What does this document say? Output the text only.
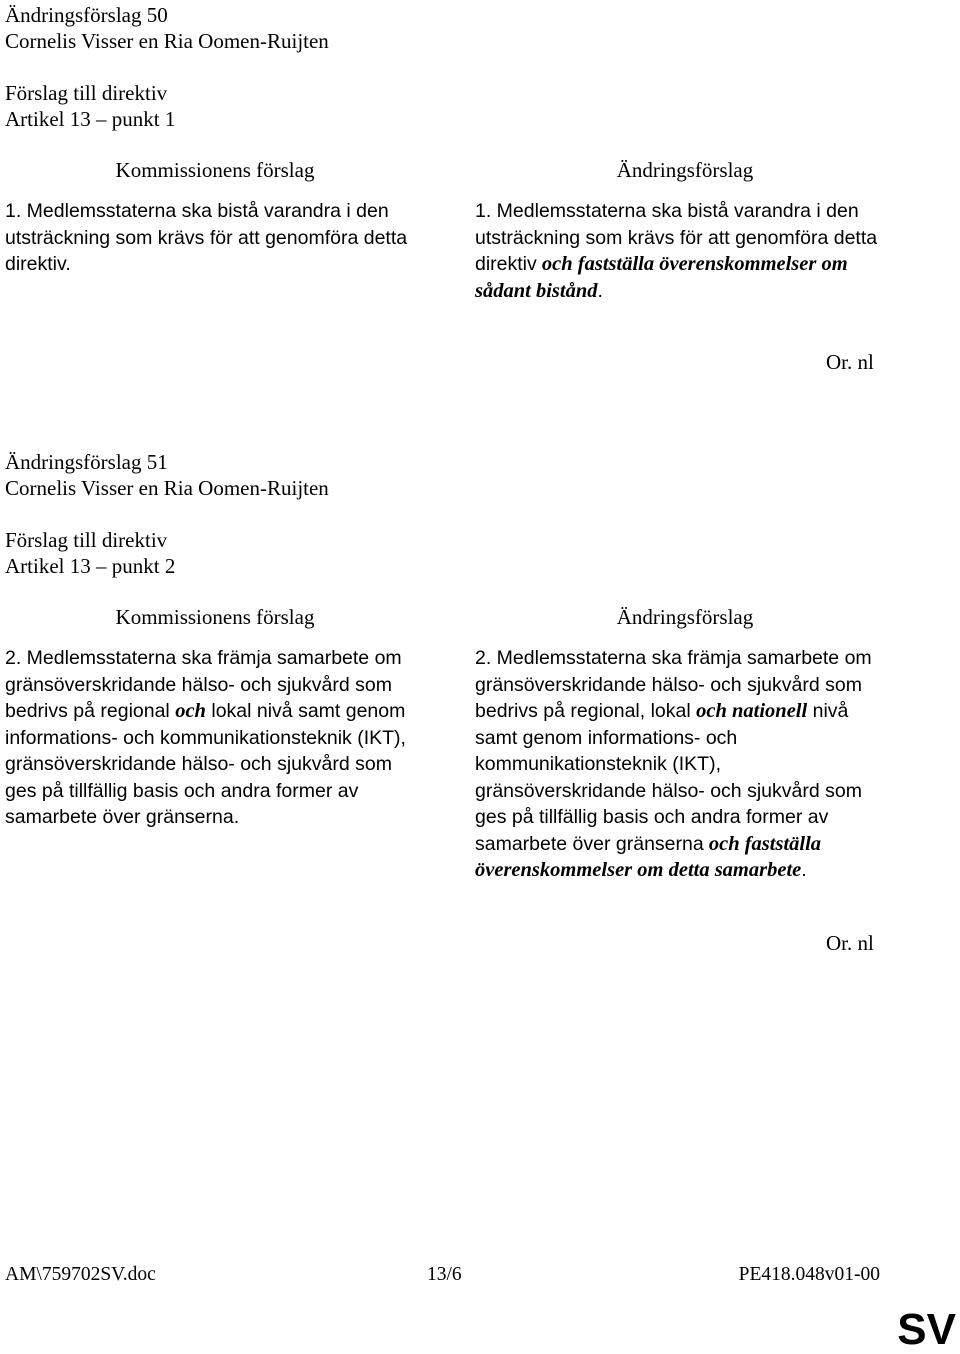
Ändringsförslag 50
Cornelis Visser en Ria Oomen-Ruijten
Förslag till direktiv
Artikel 13 – punkt 1
Kommissionens förslag
1. Medlemsstaterna ska bistå varandra i den utsträckning som krävs för att genomföra detta direktiv.
Ändringsförslag
1. Medlemsstaterna ska bistå varandra i den utsträckning som krävs för att genomföra detta direktiv och fastställa överenskommelser om sådant bistånd.
Or. nl
Ändringsförslag 51
Cornelis Visser en Ria Oomen-Ruijten
Förslag till direktiv
Artikel 13 – punkt 2
Kommissionens förslag
2. Medlemsstaterna ska främja samarbete om gränsöverskridande hälso- och sjukvård som bedrivs på regional och lokal nivå samt genom informations- och kommunikationsteknik (IKT), gränsöverskridande hälso- och sjukvård som ges på tillfällig basis och andra former av samarbete över gränserna.
Ändringsförslag
2. Medlemsstaterna ska främja samarbete om gränsöverskridande hälso- och sjukvård som bedrivs på regional, lokal och nationell nivå samt genom informations- och kommunikationsteknik (IKT), gränsöverskridande hälso- och sjukvård som ges på tillfällig basis och andra former av samarbete över gränserna och fastställa överenskommelser om detta samarbete.
Or. nl
AM\759702SV.doc	13/6	PE418.048v01-00
SV
